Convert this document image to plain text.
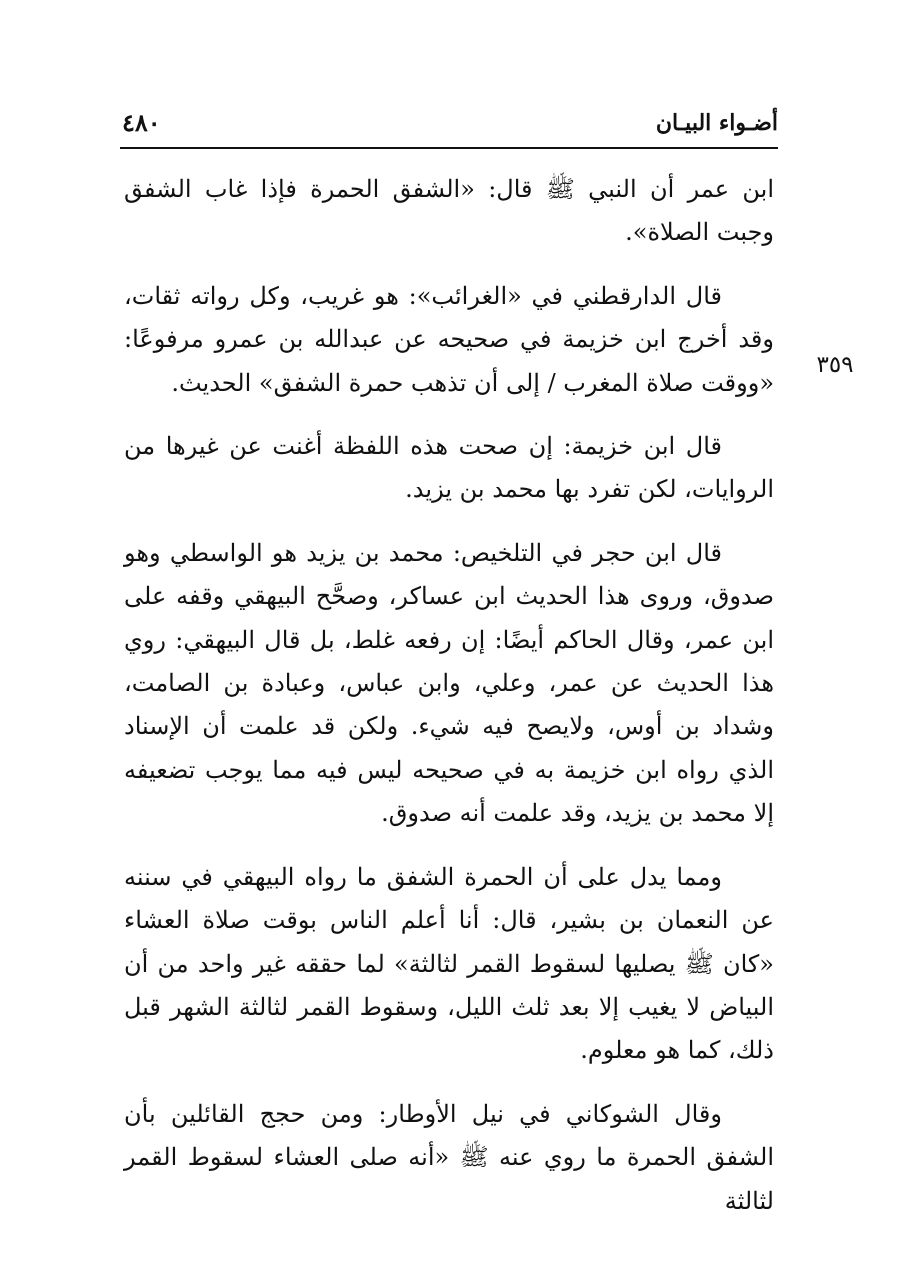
أضـواء البيـان
٤٨٠
٣٥٩

ابن عمر أن النبي ﷺ قال: «الشفق الحمرة فإذا غاب الشفق وجبت الصلاة».

قال الدارقطني في «الغرائب»: هو غريب، وكل رواته ثقات، وقد أخرج ابن خزيمة في صحيحه عن عبدالله بن عمرو مرفوعًا: «ووقت صلاة المغرب / إلى أن تذهب حمرة الشفق» الحديث.

قال ابن خزيمة: إن صحت هذه اللفظة أغنت عن غيرها من الروايات، لكن تفرد بها محمد بن يزيد.

قال ابن حجر في التلخيص: محمد بن يزيد هو الواسطي وهو صدوق، وروى هذا الحديث ابن عساكر، وصحَّح البيهقي وقفه على ابن عمر، وقال الحاكم أيضًا: إن رفعه غلط، بل قال البيهقي: روي هذا الحديث عن عمر، وعلي، وابن عباس، وعبادة بن الصامت، وشداد بن أوس، ولايصح فيه شيء. ولكن قد علمت أن الإسناد الذي رواه ابن خزيمة به في صحيحه ليس فيه مما يوجب تضعيفه إلا محمد بن يزيد، وقد علمت أنه صدوق.

ومما يدل على أن الحمرة الشفق ما رواه البيهقي في سننه عن النعمان بن بشير، قال: أنا أعلم الناس بوقت صلاة العشاء «كان ﷺ يصليها لسقوط القمر لثالثة» لما حققه غير واحد من أن البياض لا يغيب إلا بعد ثلث الليل، وسقوط القمر لثالثة الشهر قبل ذلك، كما هو معلوم.

وقال الشوكاني في نيل الأوطار: ومن حجج القائلين بأن الشفق الحمرة ما روي عنه ﷺ «أنه صلى العشاء لسقوط القمر لثالثة
